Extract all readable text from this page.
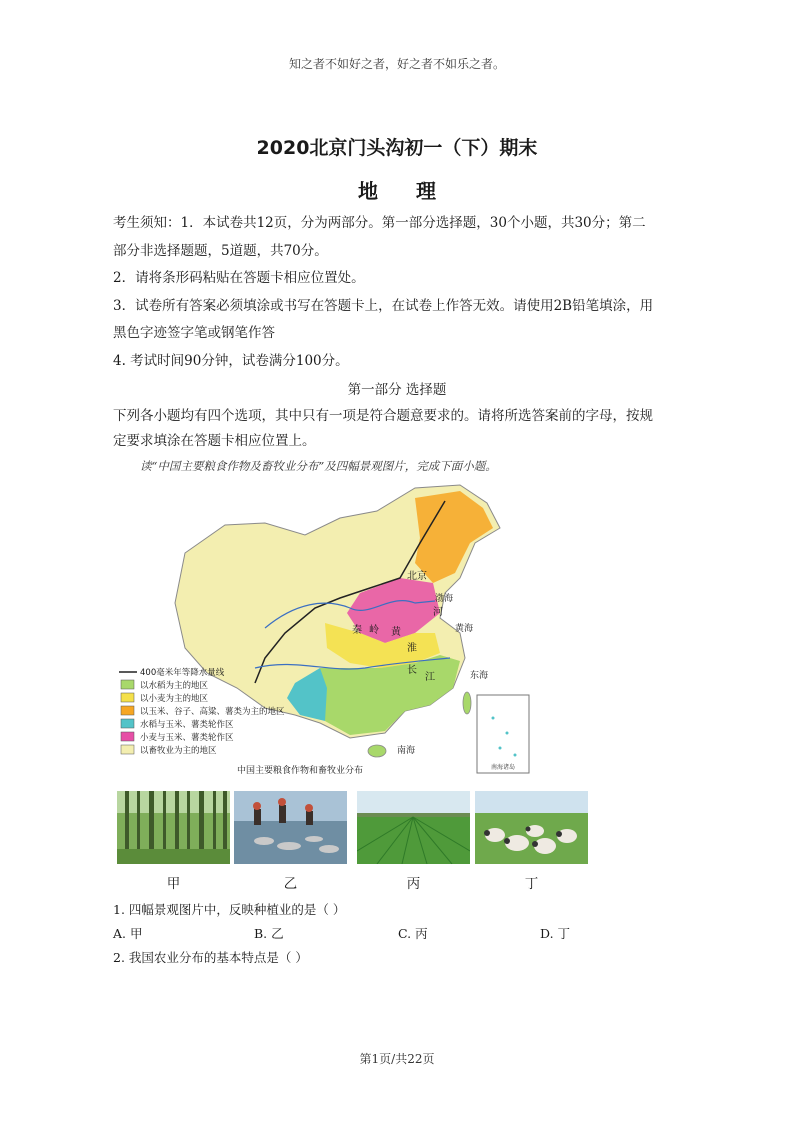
知之者不如好之者，好之者不如乐之者。
2020北京门头沟初一（下）期末
地理

考生须知：1．本试卷共12页，分为两部分。第一部分选择题，30个小题，共30分；第二

部分非选择题题，5道题，共70分。

2．请将条形码粘贴在答题卡相应位置处。

3．试卷所有答案必须填涂或书写在答题卡上，在试卷上作答无效。请使用2B铅笔填涂，用

黑色字迹签字笔或钢笔作答

4. 考试时间90分钟，试卷满分100分。

第一部分 选择题

下列各小题均有四个选项，其中只有一项是符合题意要求的。请将所选答案前的字母，按规

定要求填涂在答题卡相应位置上。

读“中国主要粮食作物及畜牧业分布”及四幅景观图片，完成下面小题。
北京
渤海
黄海
东海
南海
河
黄
秦 岭
淮
长
江
南海诸岛
400毫米年等降水量线
以水稻为主的地区
以小麦为主的地区
以玉米、谷子、高粱、薯类为主的地区
水稻与玉米、薯类轮作区
小麦与玉米、薯类轮作区
以畜牧业为主的地区
中国主要粮食作物和畜牧业分布
甲	乙	丙	丁
1. 四幅景观图片中，反映种植业的是（ ）
A. 甲	B. 乙	C. 丙	D. 丁
2. 我国农业分布的基本特点是（ ）
第1页/共22页
